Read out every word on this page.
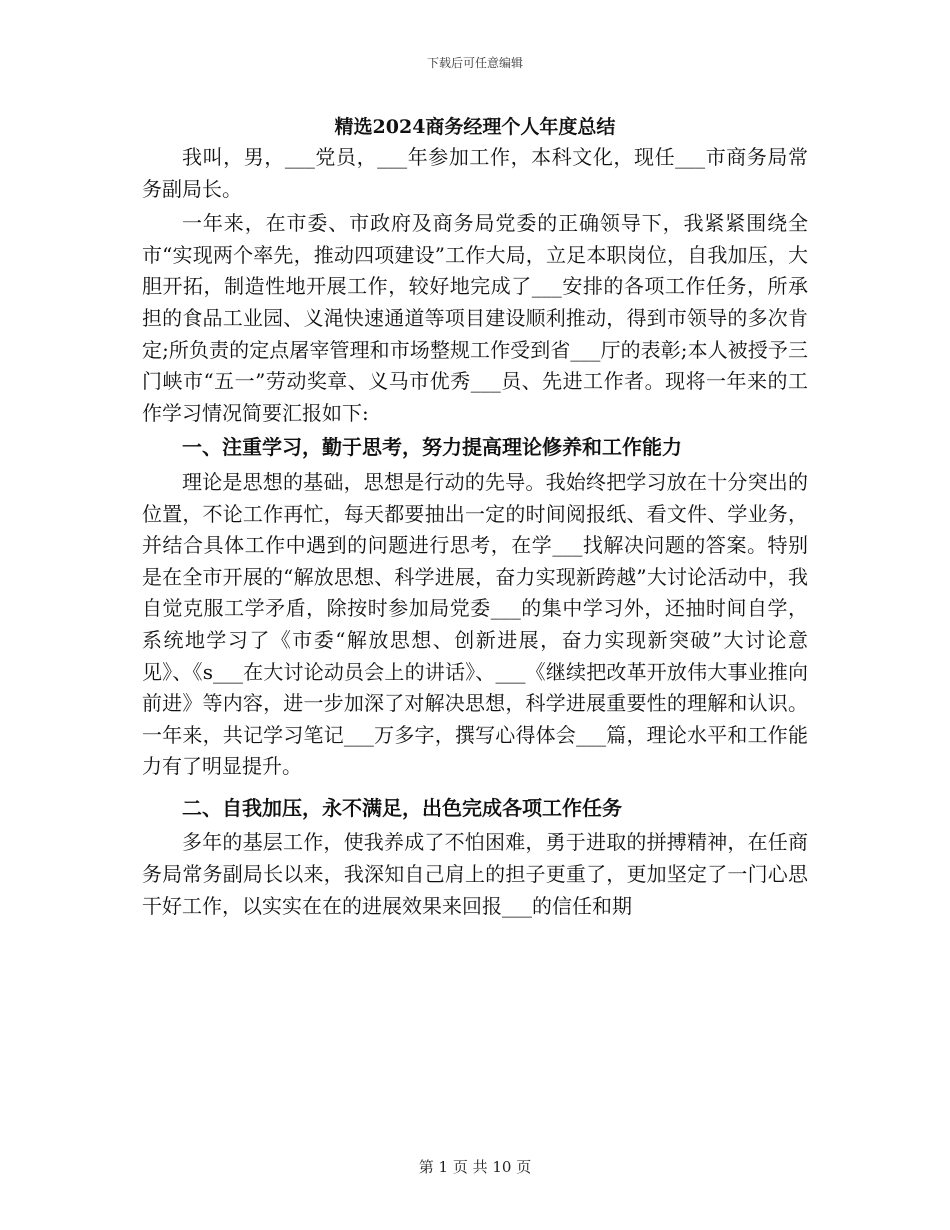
下载后可任意编辑
精选2024商务经理个人年度总结

我叫，男，___党员，___年参加工作，本科文化，现任___市商务局常务副局长。

一年来，在市委、市政府及商务局党委的正确领导下，我紧紧围绕全市“实现两个率先，推动四项建设”工作大局，立足本职岗位，自我加压，大胆开拓，制造性地开展工作，较好地完成了___安排的各项工作任务，所承担的食品工业园、义渑快速通道等项目建设顺利推动，得到市领导的多次肯定;所负责的定点屠宰管理和市场整规工作受到省___厅的表彰;本人被授予三门峡市“五一”劳动奖章、义马市优秀___员、先进工作者。现将一年来的工作学习情况简要汇报如下:

一、注重学习，勤于思考，努力提高理论修养和工作能力

理论是思想的基础，思想是行动的先导。我始终把学习放在十分突出的位置，不论工作再忙，每天都要抽出一定的时间阅报纸、看文件、学业务，并结合具体工作中遇到的问题进行思考，在学___找解决问题的答案。特别是在全市开展的“解放思想、科学进展，奋力实现新跨越”大讨论活动中，我自觉克服工学矛盾，除按时参加局党委___的集中学习外，还抽时间自学，系统地学习了《市委“解放思想、创新进展，奋力实现新突破”大讨论意见》、《s___在大讨论动员会上的讲话》、___《继续把改革开放伟大事业推向前进》等内容，进一步加深了对解决思想，科学进展重要性的理解和认识。一年来，共记学习笔记___万多字，撰写心得体会___篇，理论水平和工作能力有了明显提升。

二、自我加压，永不满足，出色完成各项工作任务

多年的基层工作，使我养成了不怕困难，勇于进取的拼搏精神，在任商务局常务副局长以来，我深知自己肩上的担子更重了，更加坚定了一门心思干好工作，以实实在在的进展效果来回报___的信任和期

第 1 页 共 10 页
